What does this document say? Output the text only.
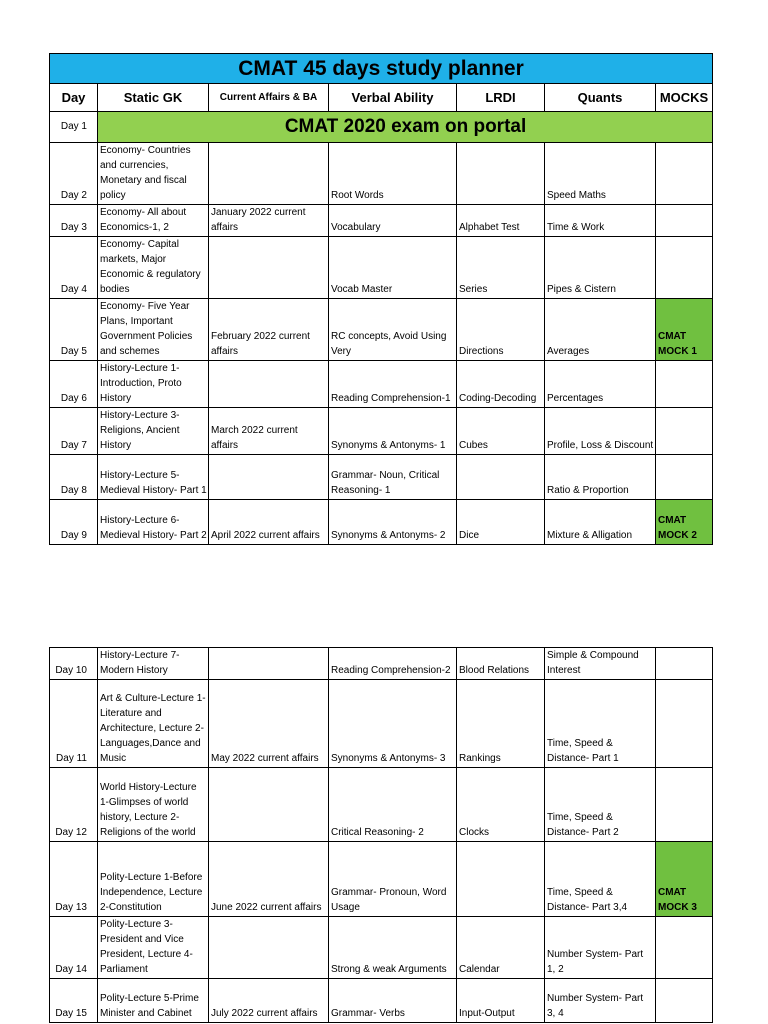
CMAT 45 days study planner						
Day	Static GK	Current Affairs & BA	Verbal Ability	LRDI	Quants	MOCKS
Day 1	CMAT 2020 exam on portal					
Day 2	Economy- Countries and currencies, Monetary and fiscal policy		Root Words		Speed Maths	
Day 3	Economy- All about Economics-1, 2	January 2022 current affairs	Vocabulary	Alphabet Test	Time & Work	
Day 4	Economy- Capital markets, Major Economic & regulatory bodies		Vocab Master	Series	Pipes & Cistern	
Day 5	Economy- Five Year Plans, Important Government Policies and schemes	February 2022 current affairs	RC concepts, Avoid Using Very	Directions	Averages	CMAT MOCK 1
Day 6	History-Lecture 1-Introduction, Proto History		Reading Comprehension-1	Coding-Decoding	Percentages	
Day 7	History-Lecture 3-Religions, Ancient History	March 2022 current affairs	Synonyms & Antonyms- 1	Cubes	Profile, Loss & Discount	
Day 8	History-Lecture 5-Medieval History- Part 1		Grammar- Noun, Critical Reasoning- 1		Ratio & Proportion	
Day 9	History-Lecture 6-Medieval History- Part 2	April 2022 current affairs	Synonyms & Antonyms- 2	Dice	Mixture & Alligation	CMAT MOCK 2
Day 10	History-Lecture 7-Modern History		Reading Comprehension-2	Blood Relations	Simple & Compound Interest	
Day 11	Art & Culture-Lecture 1-Literature and Architecture, Lecture 2-Languages,Dance and Music	May 2022 current affairs	Synonyms & Antonyms- 3	Rankings	Time, Speed & Distance- Part 1	
Day 12	World History-Lecture 1-Glimpses of world history, Lecture 2-Religions of the world		Critical Reasoning- 2	Clocks	Time, Speed & Distance- Part 2	
Day 13	Polity-Lecture 1-Before Independence, Lecture 2-Constitution	June 2022 current affairs	Grammar- Pronoun, Word Usage		Time, Speed & Distance- Part 3,4	CMAT MOCK 3
Day 14	Polity-Lecture 3-President and Vice President, Lecture 4-Parliament		Strong & weak Arguments	Calendar	Number System- Part 1, 2	
Day 15	Polity-Lecture 5-Prime Minister and Cabinet	July 2022 current affairs	Grammar- Verbs	Input-Output	Number System- Part 3, 4	
